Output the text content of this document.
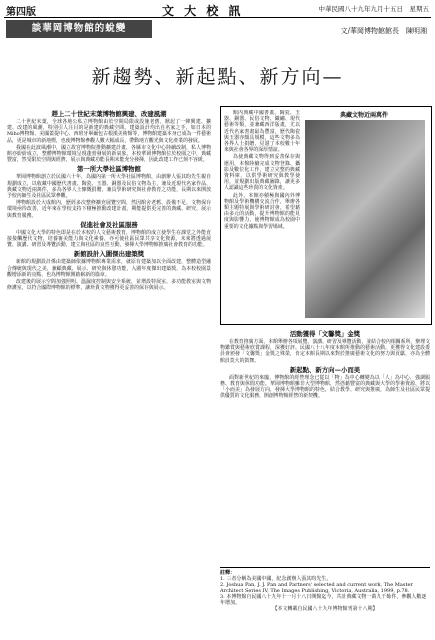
第四版	文 大 校 訊	中華民國八十九年九月十五日　星期五
談華岡博物館的蛻變	文/華岡博物館館長　陳明湘
新趨勢、新起點、新方向—
趕上二十世紀末葉博物館興建、改建風潮

二十世紀末葉，全球各地公私立博物館由於空間局限或設施老舊，掀起了一陣興建、擴建、改建的風潮，特別引人注目的是新建的典藏空間、建築設計均出自名家之手，如日本的Miho博物館、美國蓋提中心、西班牙畢爾包古根漢美術館等，博物館建築本身已成為一件藝術品，更是城市的新地標，也使博物館參觀人數大幅成長，帶動地方觀光與文化產業的發展。

我國在此波風潮中，國立故宮博物院推動擴建計畫，各縣市文化中心陸續改制，私人博物館亦紛紛成立，整體博物館環境呈現蓬勃發展的新氣象。本校華岡博物館位於校園之中，典藏豐富，然受限於空間與經費，展示與典藏功能長期未能充分發揮，因此改建工作已刻不容緩。

第一所大學社區博物館

華岡博物館創立於民國六十年，為國內第一所大學社區博物館，由創辦人張其昀先生親自規劃成立，以收藏中國歷代書畫、陶瓷、玉器、銅器及民俗文物為主，兼及近現代名家作品，典藏文物近兩萬件，多為各界人士慷慨捐贈，兼具學術研究與社會教育之功能，長期以來開放予校內師生及社區民眾參觀。

博物館設於大成館內，歷經多次整修擴充展覽空間，然因館舍老舊、設備不足，文物保存環境亟待改善，近年來在學校支持下積極推動改建計畫，期能提供更完善的典藏、研究、展示與教育服務。

促進社會及社區服務

中國文化大學的特色即是在於本校的人文藝術教育，博物館的成立使學生在課堂之外能直接接觸歷代文物，培養審美能力與文化素養，亦可使社區民眾共享文化資源。未來將透過展覽、演講、研習及導覽活動，建立與社區的良性互動，發揮大學博物館推廣社會教育的功能。

新館設計入圍傑出建築獎

新館的規劃設計係由建築師依據博物館專業需求，就原有建築加以全面改建，整體造型融合傳統與現代之美，兼顧典藏、展示、研究與休憩功能，入圍年度傑出建築獎，為本校校園景觀增添新的亮點，也為博物館開啟嶄新的篇章。

改建後的展示空間加強照明、溫濕度控制與安全系統，並增設特展室、多功能教室與文物修護室，以符合國際博物館的標準，讓珍貴文物獲得更妥善的保存與展示。

典藏文物近兩萬件

館內典藏中國書畫、陶瓷、玉器、銅器、民俗文物、織繡、現代藝術等類，並兼藏西洋版畫，尤以近代名家書畫最為豐富，歷代陶瓷與玉器亦頗具規模，這些文物多為各界人士捐贈，見證了本校數十年來與社會各界的深厚情誼。

為使典藏文物得到妥善保存與運用，本館陸續完成文物登錄、攝影及數位化工作，建立完整的典藏資料庫，以供學術研究與教學使用，並規劃出版典藏圖錄，讓更多人認識這些珍貴的文化資產。

此外，本館亦積極與國內外博物館及學術機構交流合作，舉辦各類主題特展與學術研討會，希望藉由多元的活動，提升博物館的能見度與影響力，使博物館成為校園中重要的文化據點與學習場域。

活動獲得「文馨獎」金獎

在教育推廣方面，本館舉辦各項展覽、演講、研習及導覽活動，並結合校內相關系所，辦理文物鑑賞與藝術欣賞課程，深獲好評。民國八十八年度本館所推動的藝術活動，更獲得文化建設委員會頒發「文馨獎」金獎之殊榮，肯定本館長期以來對於推廣藝術文化的努力與貢獻，亦為全體館員莫大的鼓舞。

新起點、新方向—小而美

面對新世紀的來臨，博物館的經營理念已從以「物」為中心轉變為以「人」為中心，強調服務、教育與休閒功能。華岡博物館雖非大型博物館，然憑藉豐富的典藏與大學的學術資源，將以「小而美」為發展方向，發揮大學博物館的特色，結合教學、研究與推廣，為師生及社區民眾提供優質的文化服務，開創博物館經營的新契機。

註釋：
1. 三者分稱為美國中國，紀念創辦人張其昀先生。
2. Joshua Pan, J. J. Pan and Partners' selected and current work, The Master Architect Series IV, The Images Publishing, Victoria, Australia, 1999, p.78.
3. 本博物館自民國八十九年十一月十八日開館迄今，共計典藏文物一萬九千餘件，參觀人數逐年增加。
【本文轉載自民國八十九年博物館刊第十八期】
